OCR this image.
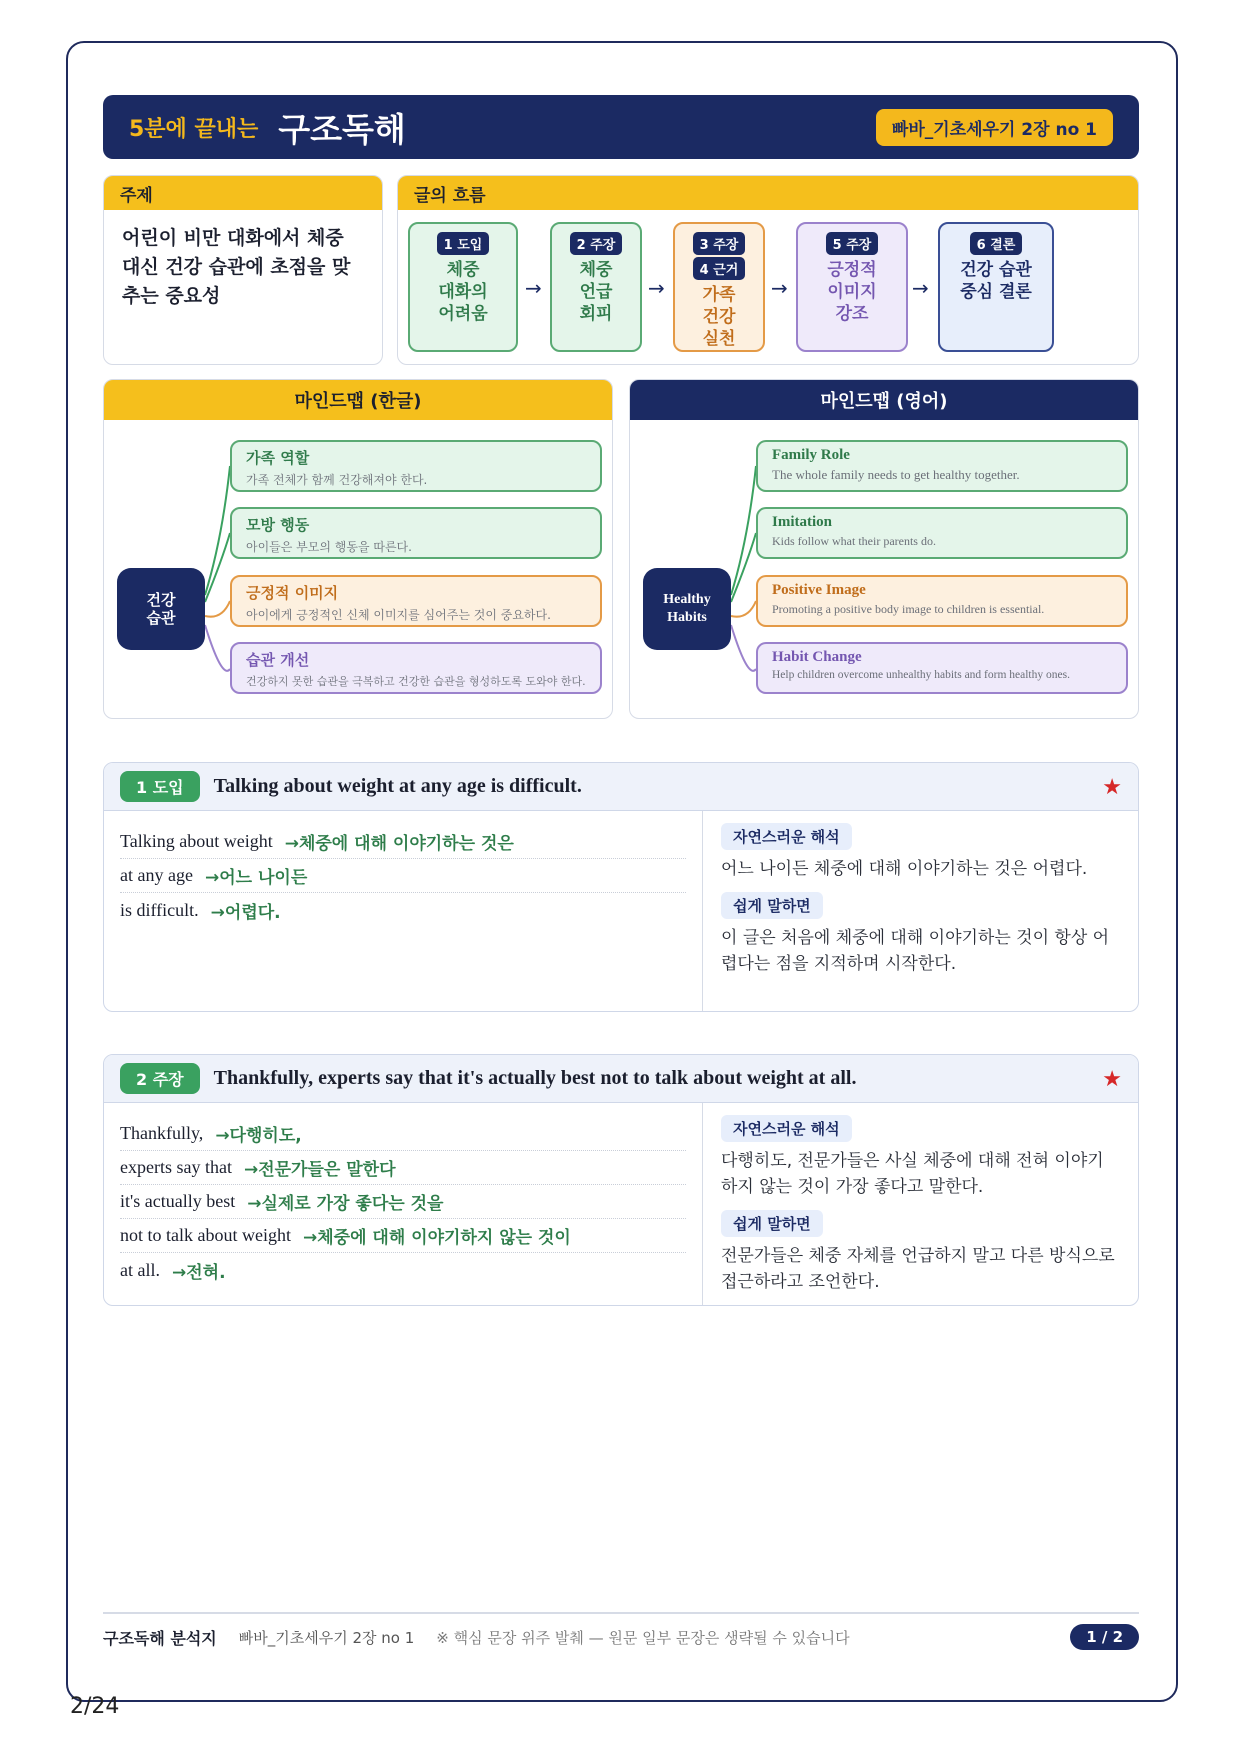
5분에 끝내는 구조독해	빠바_기초세우기 2장 no 1
주제
어린이 비만 대화에서 체중 대신 건강 습관에 초점을 맞추는 중요성
글의 흐름
1 도입
체중
대화의
어려움
→
2 주장
체중
언급
회피
→
3 주장
4 근거
가족
건강
실천
→
5 주장
긍정적
이미지
강조
→
6 결론
건강 습관
중심 결론
마인드맵 (한글)
건강
습관
가족 역할
가족 전체가 함께 건강해져야 한다.
모방 행동
아이들은 부모의 행동을 따른다.
긍정적 이미지
아이에게 긍정적인 신체 이미지를 심어주는 것이 중요하다.
습관 개선
건강하지 못한 습관을 극복하고 건강한 습관을 형성하도록 도와야 한다.
마인드맵 (영어)
Healthy
Habits
Family Role
The whole family needs to get healthy together.
Imitation
Kids follow what their parents do.
Positive Image
Promoting a positive body image to children is essential.
Habit Change
Help children overcome unhealthy habits and form healthy ones.
1 도입	Talking about weight at any age is difficult.	★
Talking about weight →체중에 대해 이야기하는 것은
at any age →어느 나이든
is difficult. →어렵다.
자연스러운 해석
어느 나이든 체중에 대해 이야기하는 것은 어렵다.
쉽게 말하면
이 글은 처음에 체중에 대해 이야기하는 것이 항상 어렵다는 점을 지적하며 시작한다.
2 주장	Thankfully, experts say that it's actually best not to talk about weight at all.	★
Thankfully, →다행히도,
experts say that →전문가들은 말한다
it's actually best →실제로 가장 좋다는 것을
not to talk about weight →체중에 대해 이야기하지 않는 것이
at all. →전혀.
자연스러운 해석
다행히도, 전문가들은 사실 체중에 대해 전혀 이야기하지 않는 것이 가장 좋다고 말한다.
쉽게 말하면
전문가들은 체중 자체를 언급하지 말고 다른 방식으로 접근하라고 조언한다.
구조독해 분석지 빠바_기초세우기 2장 no 1 ※ 핵심 문장 위주 발췌 — 원문 일부 문장은 생략될 수 있습니다	1 / 2
2/24
